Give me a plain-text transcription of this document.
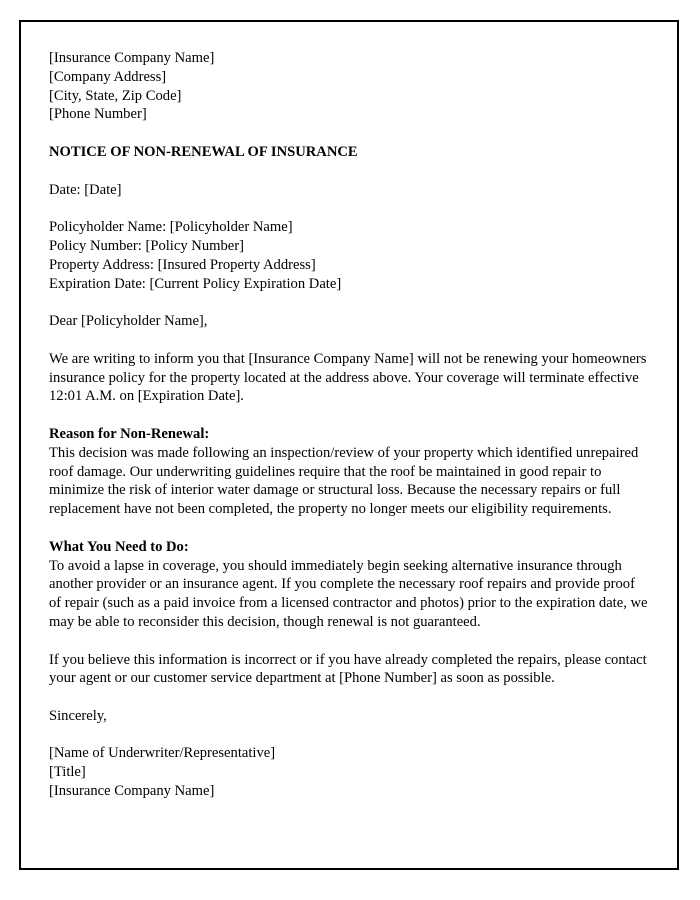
[Insurance Company Name]
[Company Address]
[City, State, Zip Code]
[Phone Number]

NOTICE OF NON-RENEWAL OF INSURANCE

Date: [Date]

Policyholder Name: [Policyholder Name]
Policy Number: [Policy Number]
Property Address: [Insured Property Address]
Expiration Date: [Current Policy Expiration Date]

Dear [Policyholder Name],

We are writing to inform you that [Insurance Company Name] will not be renewing your homeowners insurance policy for the property located at the address above. Your coverage will terminate effective 12:01 A.M. on [Expiration Date].

Reason for Non-Renewal:
This decision was made following an inspection/review of your property which identified unrepaired roof damage. Our underwriting guidelines require that the roof be maintained in good repair to minimize the risk of interior water damage or structural loss. Because the necessary repairs or full replacement have not been completed, the property no longer meets our eligibility requirements.
What You Need to Do:
To avoid a lapse in coverage, you should immediately begin seeking alternative insurance through another provider or an insurance agent. If you complete the necessary roof repairs and provide proof of repair (such as a paid invoice from a licensed contractor and photos) prior to the expiration date, we may be able to reconsider this decision, though renewal is not guaranteed.

If you believe this information is incorrect or if you have already completed the repairs, please contact your agent or our customer service department at [Phone Number] as soon as possible.

Sincerely,

[Name of Underwriter/Representative]
[Title]
[Insurance Company Name]
